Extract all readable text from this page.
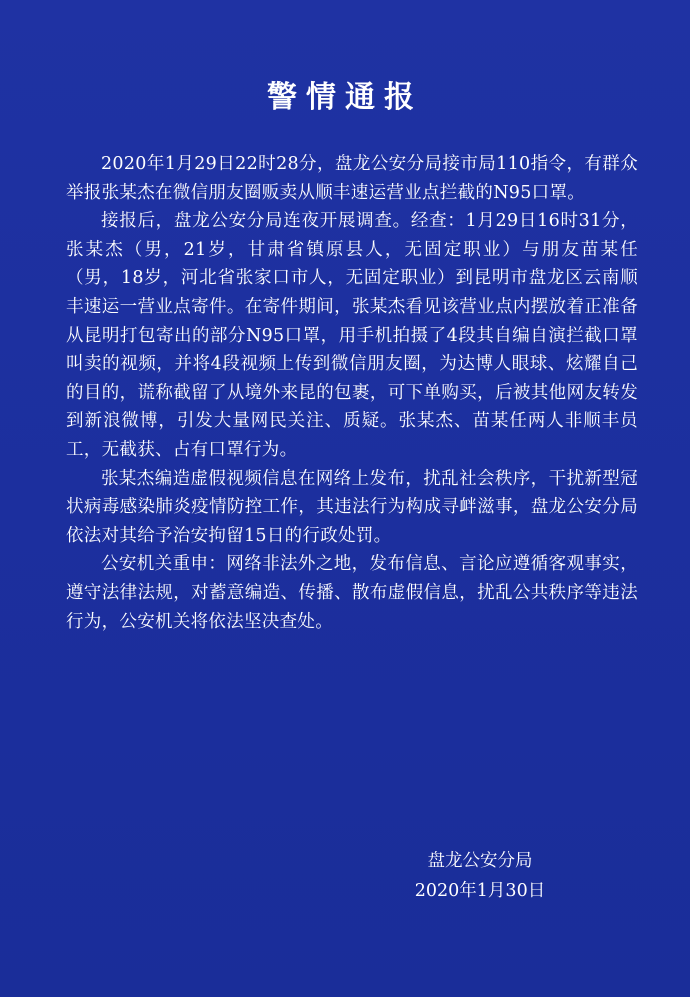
警情通报

2020年1月29日22时28分，盘龙公安分局接市局110指令，有群众举报张某杰在微信朋友圈贩卖从顺丰速运营业点拦截的N95口罩。

接报后，盘龙公安分局连夜开展调查。经查：1月29日16时31分，张某杰（男，21岁，甘肃省镇原县人，无固定职业）与朋友苗某任（男，18岁，河北省张家口市人，无固定职业）到昆明市盘龙区云南顺丰速运一营业点寄件。在寄件期间，张某杰看见该营业点内摆放着正准备从昆明打包寄出的部分N95口罩，用手机拍摄了4段其自编自演拦截口罩叫卖的视频，并将4段视频上传到微信朋友圈，为达博人眼球、炫耀自己的目的，谎称截留了从境外来昆的包裹，可下单购买，后被其他网友转发到新浪微博，引发大量网民关注、质疑。张某杰、苗某任两人非顺丰员工，无截获、占有口罩行为。

张某杰编造虚假视频信息在网络上发布，扰乱社会秩序，干扰新型冠状病毒感染肺炎疫情防控工作，其违法行为构成寻衅滋事，盘龙公安分局依法对其给予治安拘留15日的行政处罚。

公安机关重申：网络非法外之地，发布信息、言论应遵循客观事实，遵守法律法规，对蓄意编造、传播、散布虚假信息，扰乱公共秩序等违法行为，公安机关将依法坚决查处。

盘龙公安分局
2020年1月30日
